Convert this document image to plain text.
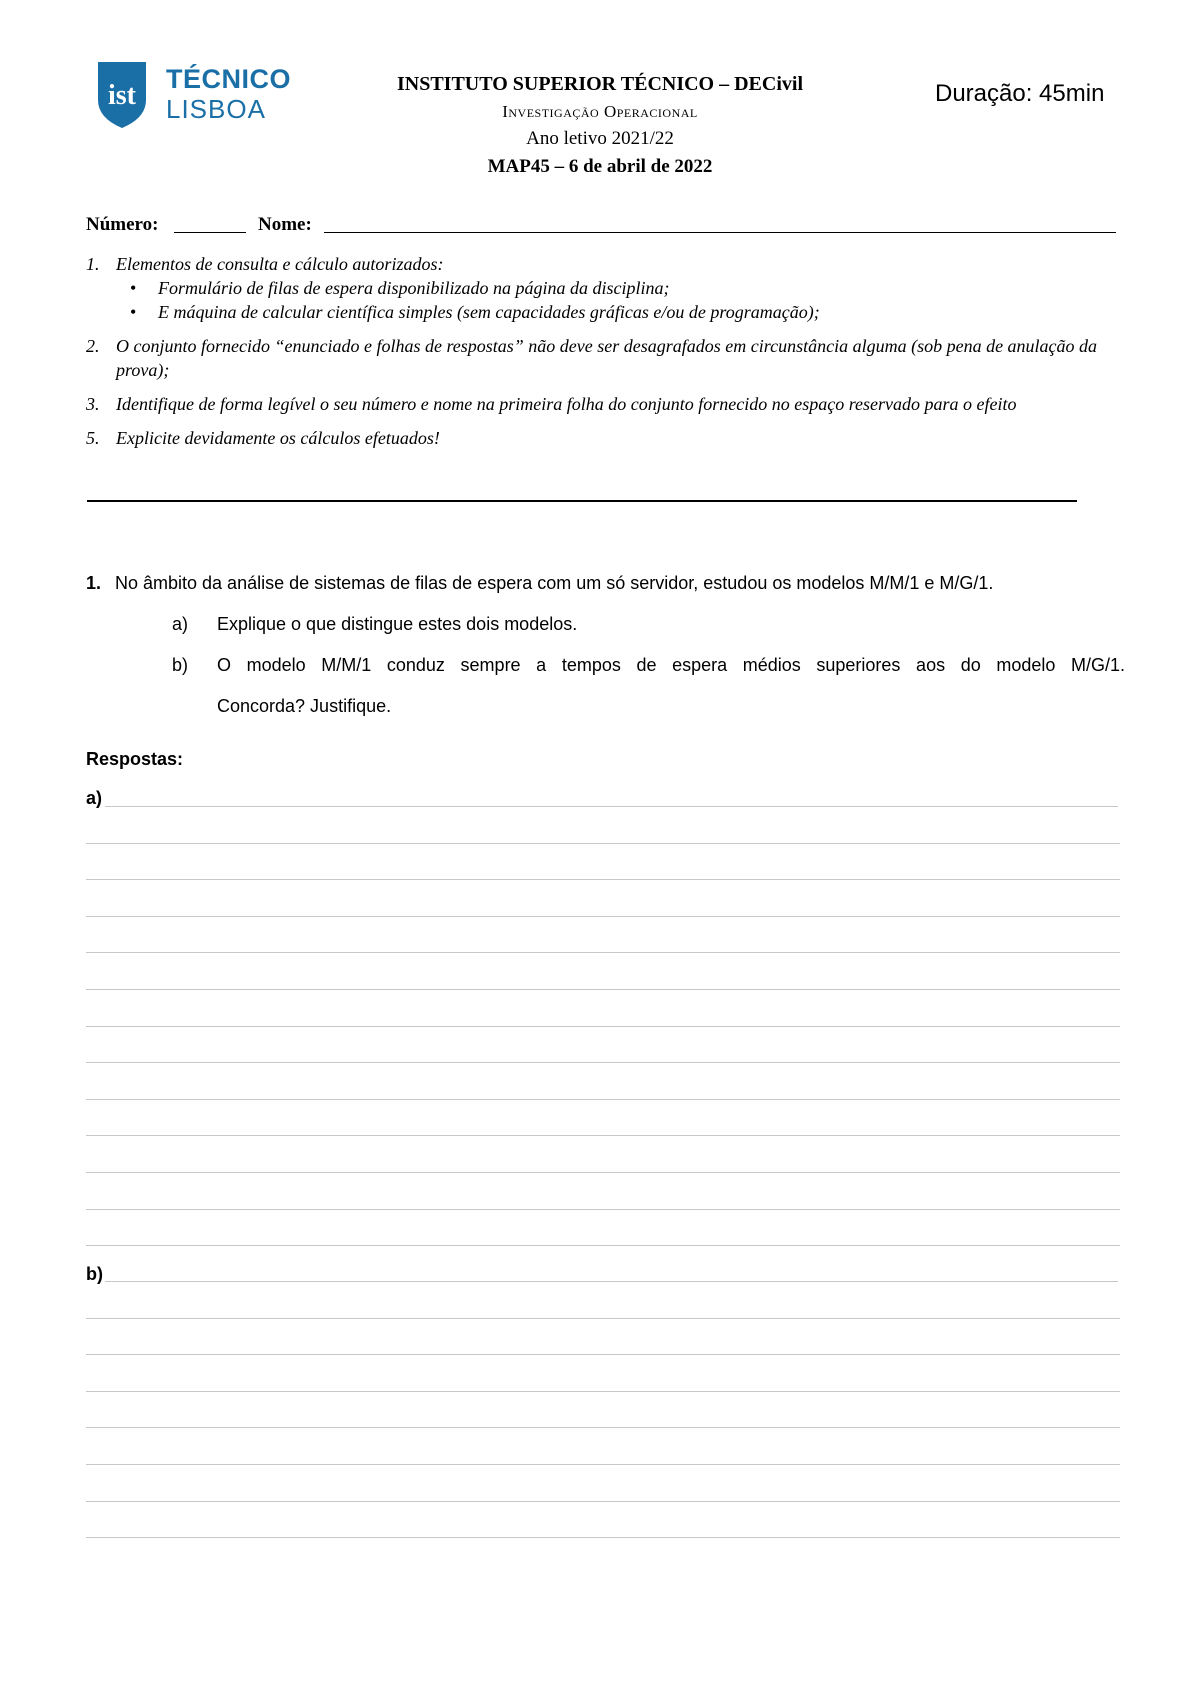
ist
TÉCNICO
LISBOA
INSTITUTO SUPERIOR TÉCNICO – DECivil
Investigação Operacional
Ano letivo 2021/22
MAP45 – 6 de abril de 2022
Duração: 45min
Número:	Nome:
1. Elementos de consulta e cálculo autorizados:
• Formulário de filas de espera disponibilizado na página da disciplina;
• E máquina de calcular científica simples (sem capacidades gráficas e/ou de programação);
2. O conjunto fornecido “enunciado e folhas de respostas” não deve ser desagrafados em circunstância alguma (sob pena de anulação da prova);
3. Identifique de forma legível o seu número e nome na primeira folha do conjunto fornecido no espaço reservado para o efeito
5. Explicite devidamente os cálculos efetuados!
1. No âmbito da análise de sistemas de filas de espera com um só servidor, estudou os modelos M/M/1 e M/G/1.
a) Explique o que distingue estes dois modelos.
b) O modelo M/M/1 conduz sempre a tempos de espera médios superiores aos do modelo M/G/1.
Concorda? Justifique.
Respostas:
a)
b)
